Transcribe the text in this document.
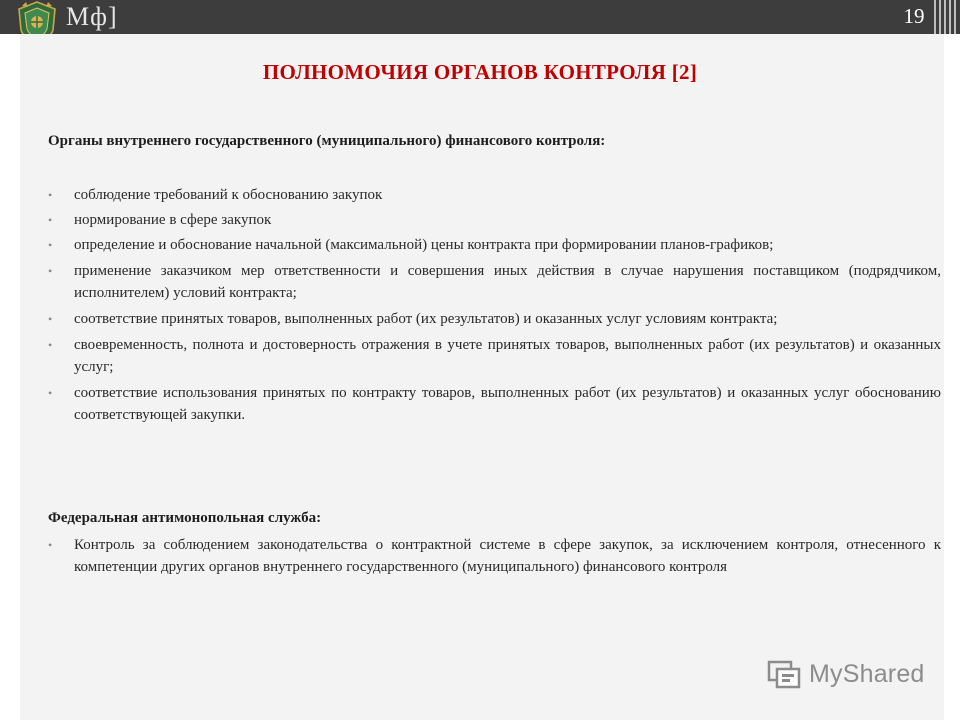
Mф]	19
ПОЛНОМОЧИЯ ОРГАНОВ КОНТРОЛЯ [2]
Органы внутреннего государственного (муниципального) финансового контроля:
• соблюдение требований к обоснованию закупок
• нормирование в сфере закупок
• определение и обоснование начальной (максимальной) цены контракта при формировании планов-графиков;
• применение заказчиком мер ответственности и совершения иных действия в случае нарушения поставщиком (подрядчиком, исполнителем) условий контракта;
• соответствие принятых товаров, выполненных работ (их результатов) и оказанных услуг условиям контракта;
• своевременность, полнота и достоверность отражения в учете принятых товаров, выполненных работ (их результатов) и оказанных услуг;
• соответствие использования принятых по контракту товаров, выполненных работ (их результатов) и оказанных услуг обоснованию соответствующей закупки.
Федеральная антимонопольная служба:
• Контроль за соблюдением законодательства о контрактной системе в сфере закупок, за исключением контроля, отнесенного к компетенции других органов внутреннего государственного (муниципального) финансового контроля
MyShared
